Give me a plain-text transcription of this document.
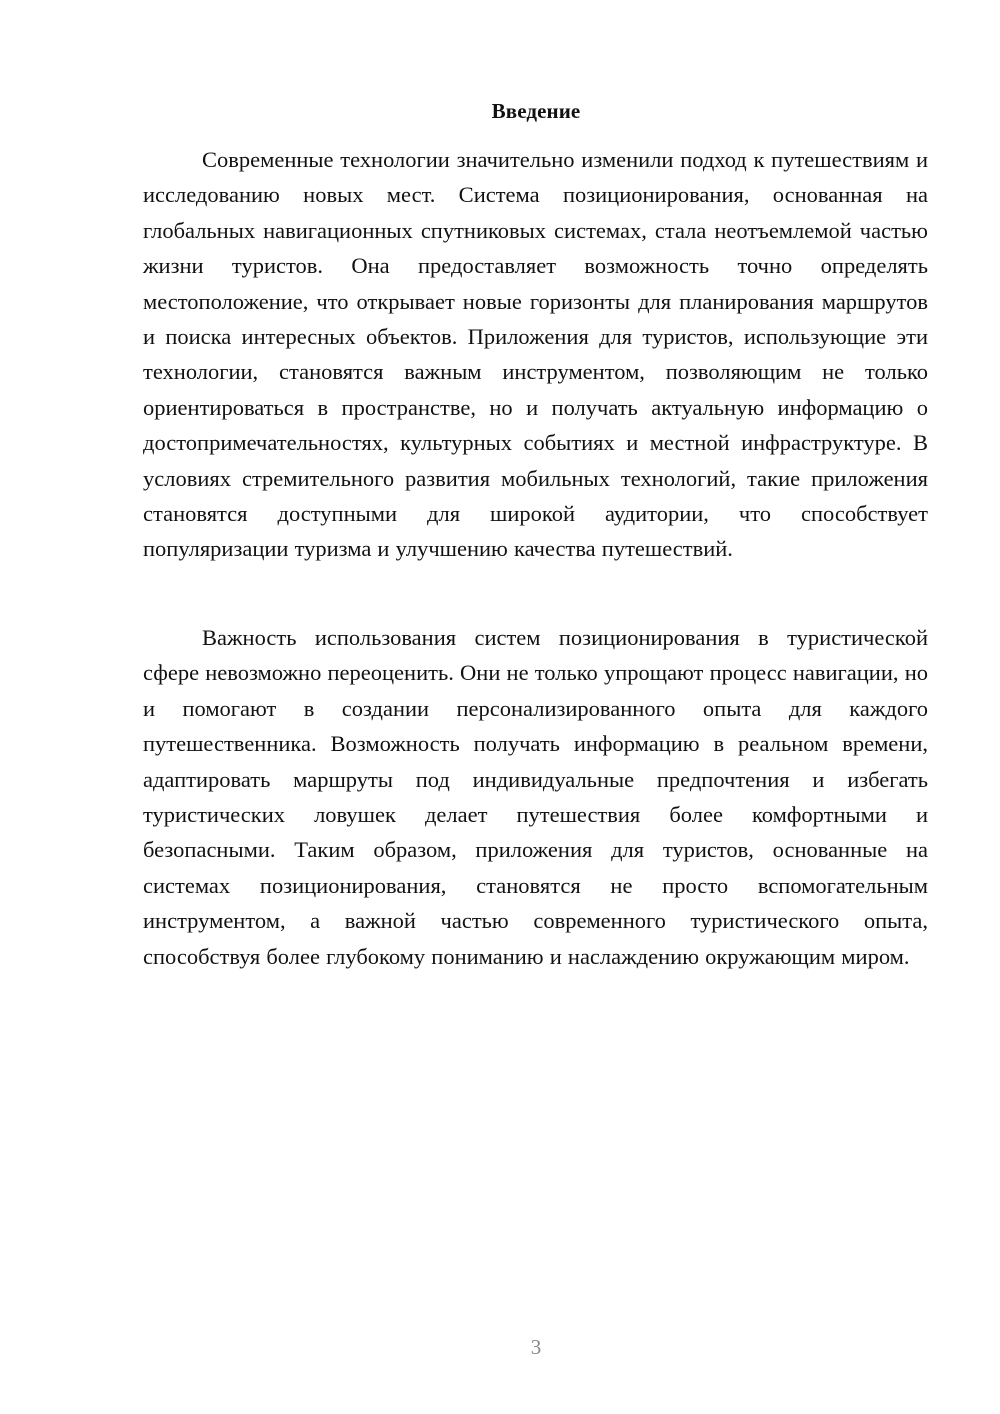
Введение

Современные технологии значительно изменили подход к путешествиям и исследованию новых мест. Система позиционирования, основанная на глобальных навигационных спутниковых системах, стала неотъемлемой частью жизни туристов. Она предоставляет возможность точно определять местоположение, что открывает новые горизонты для планирования маршрутов и поиска интересных объектов. Приложения для туристов, использующие эти технологии, становятся важным инструментом, позволяющим не только ориентироваться в пространстве, но и получать актуальную информацию о достопримечательностях, культурных событиях и местной инфраструктуре. В условиях стремительного развития мобильных технологий, такие приложения становятся доступными для широкой аудитории, что способствует популяризации туризма и улучшению качества путешествий.

Важность использования систем позиционирования в туристической сфере невозможно переоценить. Они не только упрощают процесс навигации, но и помогают в создании персонализированного опыта для каждого путешественника. Возможность получать информацию в реальном времени, адаптировать маршруты под индивидуальные предпочтения и избегать туристических ловушек делает путешествия более комфортными и безопасными. Таким образом, приложения для туристов, основанные на системах позиционирования, становятся не просто вспомогательным инструментом, а важной частью современного туристического опыта, способствуя более глубокому пониманию и наслаждению окружающим миром.

3
